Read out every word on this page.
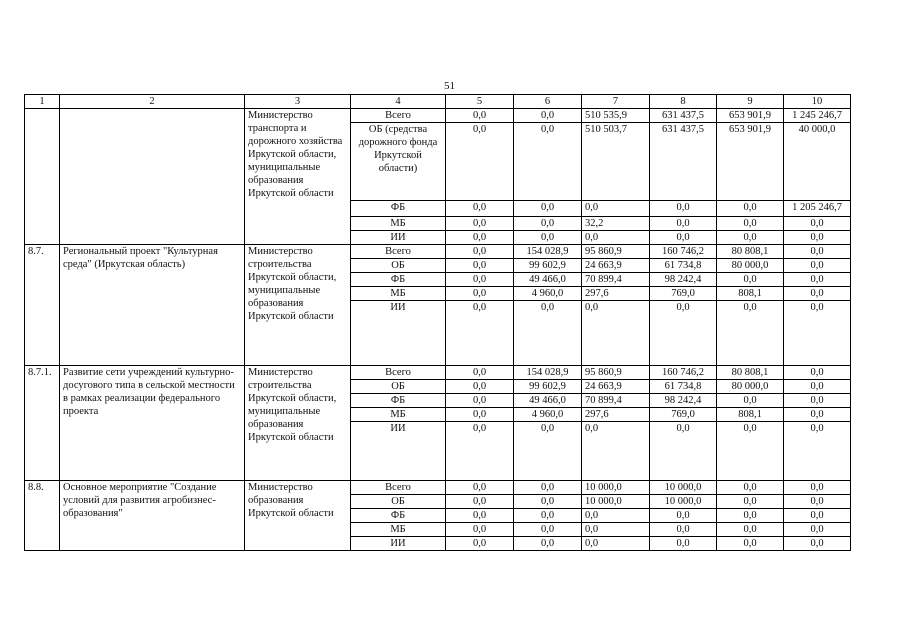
51
1	2	3	4	5	6	7	8	9	10
		Министерство транспорта и дорожного хозяйства Иркутской области, муниципальные образования Иркутской области	Всего	0,0	0,0	510 535,9	631 437,5	653 901,9	1 245 246,7
			ОБ (средства дорожного фонда Иркутской области)	0,0	0,0	510 503,7	631 437,5	653 901,9	40 000,0
			ФБ	0,0	0,0	0,0	0,0	0,0	1 205 246,7
			МБ	0,0	0,0	32,2	0,0	0,0	0,0
			ИИ	0,0	0,0	0,0	0,0	0,0	0,0
8.7.	Региональный проект "Культурная среда" (Иркутская область)	Министерство строительства Иркутской области, муниципальные образования Иркутской области	Всего	0,0	154 028,9	95 860,9	160 746,2	80 808,1	0,0
			ОБ	0,0	99 602,9	24 663,9	61 734,8	80 000,0	0,0
			ФБ	0,0	49 466,0	70 899,4	98 242,4	0,0	0,0
			МБ	0,0	4 960,0	297,6	769,0	808,1	0,0
			ИИ	0,0	0,0	0,0	0,0	0,0	0,0
8.7.1.	Развитие сети учреждений культурно-досугового типа в сельской местности в рамках реализации федерального проекта	Министерство строительства Иркутской области, муниципальные образования Иркутской области	Всего	0,0	154 028,9	95 860,9	160 746,2	80 808,1	0,0
			ОБ	0,0	99 602,9	24 663,9	61 734,8	80 000,0	0,0
			ФБ	0,0	49 466,0	70 899,4	98 242,4	0,0	0,0
			МБ	0,0	4 960,0	297,6	769,0	808,1	0,0
			ИИ	0,0	0,0	0,0	0,0	0,0	0,0
8.8.	Основное мероприятие "Создание условий для развития агробизнес-образования"	Министерство образования Иркутской области	Всего	0,0	0,0	10 000,0	10 000,0	0,0	0,0
			ОБ	0,0	0,0	10 000,0	10 000,0	0,0	0,0
			ФБ	0,0	0,0	0,0	0,0	0,0	0,0
			МБ	0,0	0,0	0,0	0,0	0,0	0,0
			ИИ	0,0	0,0	0,0	0,0	0,0	0,0
